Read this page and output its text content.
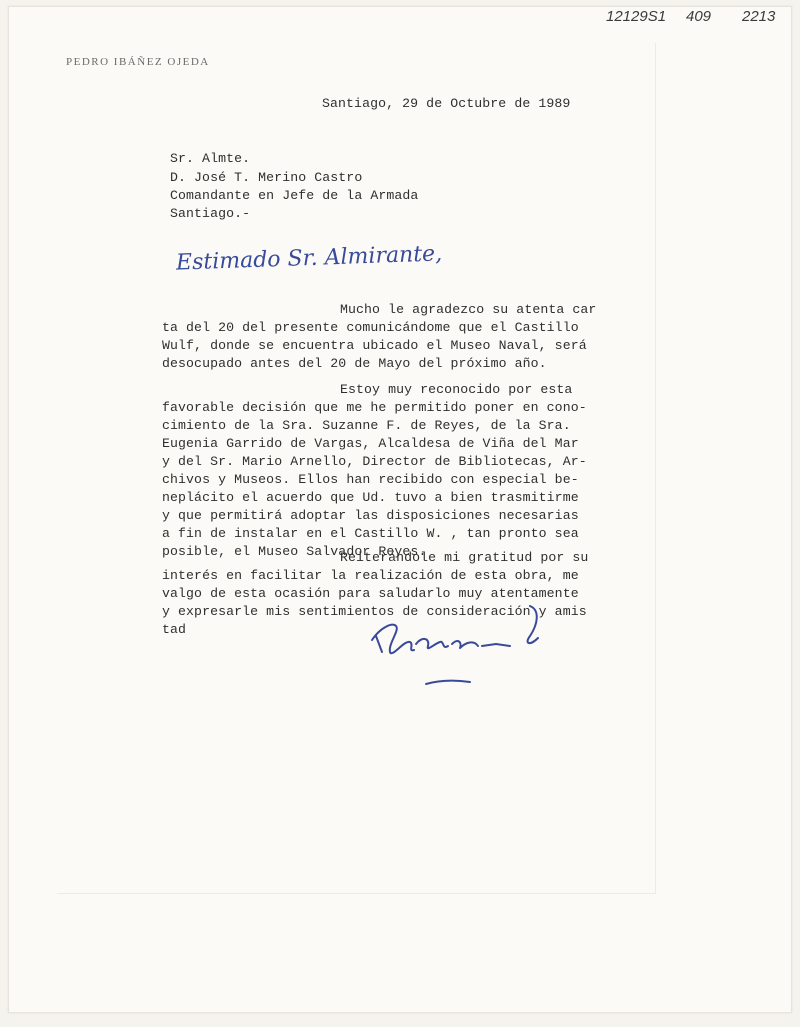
12129S1 409 2213
PEDRO IBÁÑEZ OJEDA
Santiago, 29 de Octubre de 1989
Sr. Almte.
D. José T. Merino Castro
Comandante en Jefe de la Armada
Santiago.-
Estimado Sr. Almirante,
Mucho le agradezco su atenta car
ta del 20 del presente comunicándome que el Castillo
Wulf, donde se encuentra ubicado el Museo Naval, será
desocupado antes del 20 de Mayo del próximo año.
Estoy muy reconocido por esta
favorable decisión que me he permitido poner en cono-
cimiento de la Sra. Suzanne F. de Reyes, de la Sra.
Eugenia Garrido de Vargas, Alcaldesa de Viña del Mar
y del Sr. Mario Arnello, Director de Bibliotecas, Ar-
chivos y Museos. Ellos han recibido con especial be-
neplácito el acuerdo que Ud. tuvo a bien trasmitirme
y que permitirá adoptar las disposiciones necesarias
a fin de instalar en el Castillo W. , tan pronto sea
posible, el Museo Salvador Reyes.
Reiterándole mi gratitud por su
interés en facilitar la realización de esta obra, me
valgo de esta ocasión para saludarlo muy atentamente
y expresarle mis sentimientos de consideración y amis
tad
